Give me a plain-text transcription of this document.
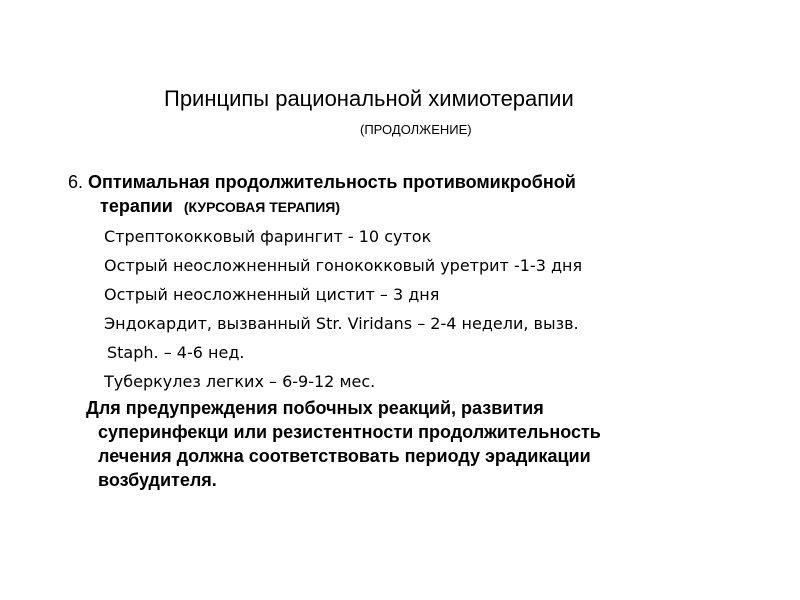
Принципы рациональной химиотерапии
(ПРОДОЛЖЕНИЕ)
6. Оптимальная продолжительность противомикробной
терапии (КУРСОВАЯ ТЕРАПИЯ)
Стрептококковый фарингит - 10 суток
Острый неосложненный гонококковый уретрит -1-3 дня
Острый неосложненный цистит – 3 дня
Эндокардит, вызванный Str. Viridans – 2-4 недели, вызв.
Staph. – 4-6 нед.
Туберкулез легких – 6-9-12 мес.
Для предупреждения побочных реакций, развития
суперинфекци или резистентности продолжительность
лечения должна соответствовать периоду эрадикации
возбудителя.
